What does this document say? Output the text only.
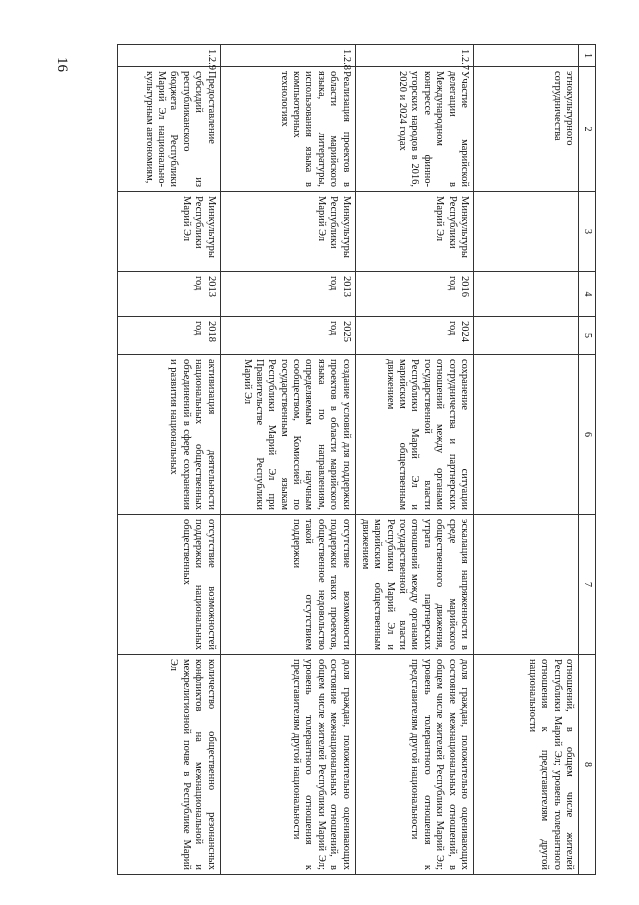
16
1	2	3	4	5	6	7	8
	этнокультурного сотрудничества						отношений, в общем числе жителей Республики Марий Эл; уровень толерантного отношения к представителям другой национальности
1.2.7	Участие марийской делегации в Международном конгрессе финно-угорских народов в 2016, 2020 и 2024 годах	Минкультуры Республики Марий Эл	2016 год	2024 год	сохранение ситуации сотрудничества и партнерских отношений между органами государственной власти Республики Марий Эл и марийским общественным движением	эскалация напряженности в среде марийского общественного движения, утрата партнерских отношений между органами государственной власти Республики Марий Эл и марийским общественным движением	доля граждан, положительно оценивающих состояние межнациональных отношений, в общем числе жителей Республики Марий Эл; уровень толерантного отношения к представителям другой национальности
1.2.8	Реализация проектов в области марийского языка, литературы, использования языка в компьютерных технологиях	Минкультуры Республики Марий Эл	2013 год	2025 год	создание условий для поддержки проектов в области марийского языка по направлениям, определяемым научным сообществом, Комиссией по государственным языкам Республики Марий Эл при Правительстве Республики Марий Эл	отсутствие возможности поддержки таких проектов, общественное недовольство такой отсутствием поддержки	доля граждан, положительно оценивающих состояние межнациональных отношений, в общем числе жителей Республики Марий Эл; уровень толерантного отношения к представителям другой национальности
1.2.9	Предоставление субсидий из республиканского бюджета Республики Марий Эл национально-культурным автономиям,	Минкультуры Республики Марий Эл	2013 год	2018 год	активизация деятельности национальных общественных объединений в сфере сохранения и развития национальных	отсутствие возможностей поддержки национальных общественных	количество общественно резонансных конфликтов на межнациональной и межрелигиозной почве в Республике Марий Эл
